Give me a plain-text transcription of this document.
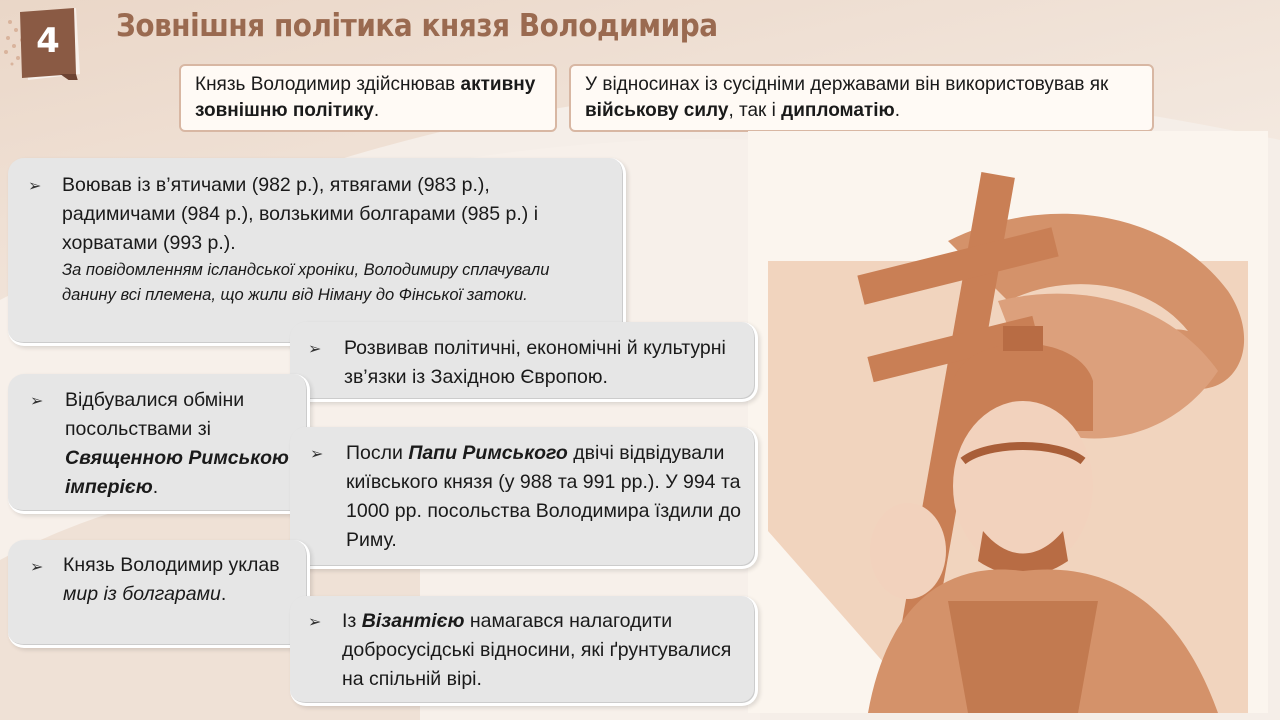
4	Зовнішня політика князя Володимира
Князь Володимир здійснював активну зовнішню політику.
У відносинах із сусідніми державами він використовував як військову силу, так і дипломатію.
➢ Воював із в’ятичами (982 р.), ятвягами (983 р.), радимичами (984 р.), волзькими болгарами (985 р.) і хорватами (993 р.).
За повідомленням ісландської хроніки, Володимиру сплачували данину всі племена, що жили від Німану до Фінської затоки.
➢ Розвивав політичні, економічні й культурні зв’язки із Західною Європою.
➢ Відбувалися обміни посольствами зі Священною Римською імперією.
➢ Посли Папи Римського двічі відвідували київського князя (у 988 та 991 рр.). У 994 та 1000 рр. посольства Володимира їздили до Риму.
➢ Князь Володимир уклав мир із болгарами.
➢ Із Візантією намагався налагодити добросусідські відносини, які ґрунтувалися на спільній вірі.
